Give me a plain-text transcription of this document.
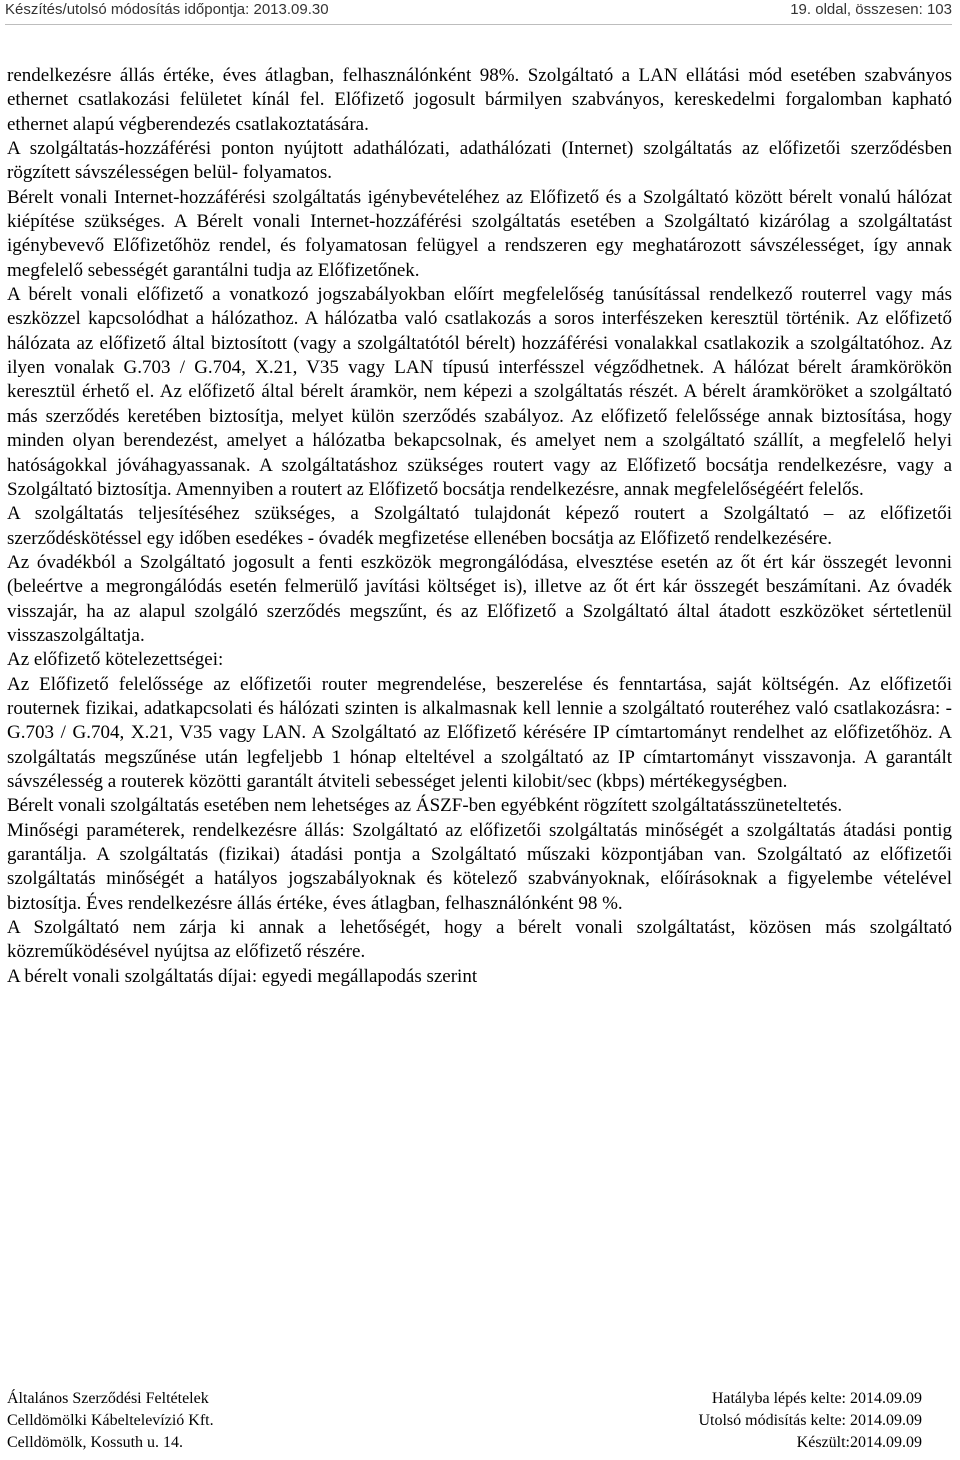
Készítés/utolsó módosítás időpontja: 2013.09.30	19. oldal, összesen: 103

rendelkezésre állás értéke, éves átlagban, felhasználónként 98%. Szolgáltató a LAN ellátási mód esetében szabványos ethernet csatlakozási felületet kínál fel. Előfizető jogosult bármilyen szabványos, kereskedelmi forgalomban kapható ethernet alapú végberendezés csatlakoztatására.

A szolgáltatás-hozzáférési ponton nyújtott adathálózati, adathálózati (Internet) szolgáltatás az előfizetői szerződésben rögzített sávszélességen belül- folyamatos.

Bérelt vonali Internet-hozzáférési szolgáltatás igénybevételéhez az Előfizető és a Szolgáltató között bérelt vonalú hálózat kiépítése szükséges. A Bérelt vonali Internet-hozzáférési szolgáltatás esetében a Szolgáltató kizárólag a szolgáltatást igénybevevő Előfizetőhöz rendel, és folyamatosan felügyel a rendszeren egy meghatározott sávszélességet, így annak megfelelő sebességét garantálni tudja az Előfizetőnek.

A bérelt vonali előfizető a vonatkozó jogszabályokban előírt megfelelőség tanúsítással rendelkező routerrel vagy más eszközzel kapcsolódhat a hálózathoz. A hálózatba való csatlakozás a soros interfészeken keresztül történik. Az előfizető hálózata az előfizető által biztosított (vagy a szolgáltatótól bérelt) hozzáférési vonalakkal csatlakozik a szolgáltatóhoz. Az ilyen vonalak G.703 / G.704, X.21, V35 vagy LAN típusú interfésszel végződhetnek. A hálózat bérelt áramkörökön keresztül érhető el. Az előfizető által bérelt áramkör, nem képezi a szolgáltatás részét. A bérelt áramköröket a szolgáltató más szerződés keretében biztosítja, melyet külön szerződés szabályoz. Az előfizető felelőssége annak biztosítása, hogy minden olyan berendezést, amelyet a hálózatba bekapcsolnak, és amelyet nem a szolgáltató szállít, a megfelelő helyi hatóságokkal jóváhagyassanak. A szolgáltatáshoz szükséges routert vagy az Előfizető bocsátja rendelkezésre, vagy a Szolgáltató biztosítja. Amennyiben a routert az Előfizető bocsátja rendelkezésre, annak megfelelőségéért felelős.

A szolgáltatás teljesítéséhez szükséges, a Szolgáltató tulajdonát képező routert a Szolgáltató – az előfizetői szerződéskötéssel egy időben esedékes - óvadék megfizetése ellenében bocsátja az Előfizető rendelkezésére.

Az óvadékból a Szolgáltató jogosult a fenti eszközök megrongálódása, elvesztése esetén az őt ért kár összegét levonni (beleértve a megrongálódás esetén felmerülő javítási költséget is), illetve az őt ért kár összegét beszámítani. Az óvadék visszajár, ha az alapul szolgáló szerződés megszűnt, és az Előfizető a Szolgáltató által átadott eszközöket sértetlenül visszaszolgáltatja.

Az előfizető kötelezettségei:

Az Előfizető felelőssége az előfizetői router megrendelése, beszerelése és fenntartása, saját költségén. Az előfizetői routernek fizikai, adatkapcsolati és hálózati szinten is alkalmasnak kell lennie a szolgáltató routeréhez való csatlakozásra: - G.703 / G.704, X.21, V35 vagy LAN. A Szolgáltató az Előfizető kérésére IP címtartományt rendelhet az előfizetőhöz. A szolgáltatás megszűnése után legfeljebb 1 hónap elteltével a szolgáltató az IP címtartományt visszavonja. A garantált sávszélesség a routerek közötti garantált átviteli sebességet jelenti kilobit/sec (kbps) mértékegységben.

Bérelt vonali szolgáltatás esetében nem lehetséges az ÁSZF-ben egyébként rögzített szolgáltatásszüneteltetés.

Minőségi paraméterek, rendelkezésre állás: Szolgáltató az előfizetői szolgáltatás minőségét a szolgáltatás átadási pontig garantálja. A szolgáltatás (fizikai) átadási pontja a Szolgáltató műszaki központjában van. Szolgáltató az előfizetői szolgáltatás minőségét a hatályos jogszabályoknak és kötelező szabványoknak, előírásoknak a figyelembe vételével biztosítja. Éves rendelkezésre állás értéke, éves átlagban, felhasználónként 98 %.

A Szolgáltató nem zárja ki annak a lehetőségét, hogy a bérelt vonali szolgáltatást, közösen más szolgáltató közreműködésével nyújtsa az előfizető részére.

A bérelt vonali szolgáltatás díjai: egyedi megállapodás szerint

Általános Szerződési Feltételek	Hatályba lépés kelte: 2014.09.09
Celldömölki Kábeltelevízió Kft.	Utolsó módisítás kelte: 2014.09.09
Celldömölk, Kossuth u. 14.	Készült:2014.09.09
